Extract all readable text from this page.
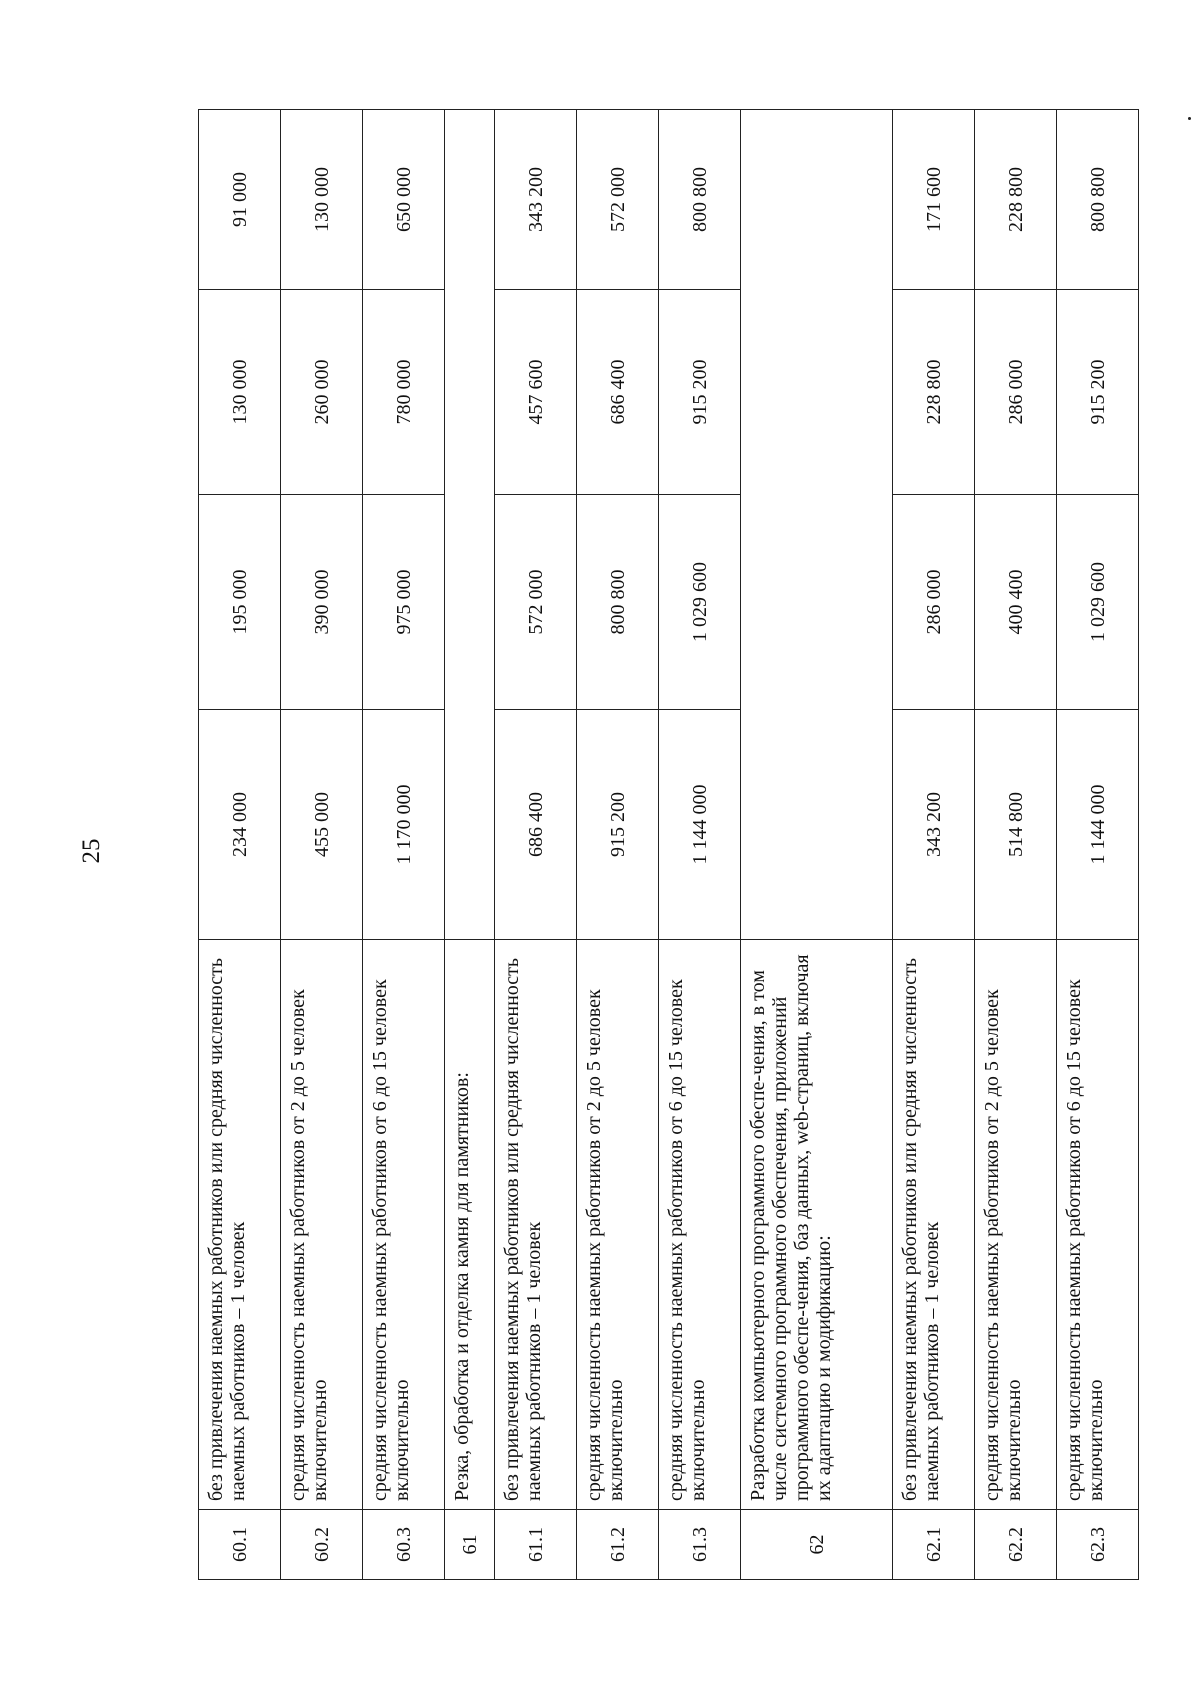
25
60.1	без привлечения наемных работников или средняя численность наемных работников – 1 человек	234 000	195 000	130 000	91 000
60.2	средняя численность наемных работников от 2 до 5 человек включительно	455 000	390 000	260 000	130 000
60.3	средняя численность наемных работников от 6 до 15 человек включительно	1 170 000	975 000	780 000	650 000
61	Резка, обработка и отделка камня для памятников:				
61.1	без привлечения наемных работников или средняя численность наемных работников – 1 человек	686 400	572 000	457 600	343 200
61.2	средняя численность наемных работников от 2 до 5 человек включительно	915 200	800 800	686 400	572 000
61.3	средняя численность наемных работников от 6 до 15 человек включительно	1 144 000	1 029 600	915 200	800 800
62	Разработка компьютерного программного обеспе-чения, в том числе системного программного обеспечения, приложений программного обеспе-чения, баз данных, web-страниц, включая их адаптацию и модификацию:				
62.1	без привлечения наемных работников или средняя численность наемных работников – 1 человек	343 200	286 000	228 800	171 600
62.2	средняя численность наемных работников от 2 до 5 человек включительно	514 800	400 400	286 000	228 800
62.3	средняя численность наемных работников от 6 до 15 человек включительно	1 144 000	1 029 600	915 200	800 800
